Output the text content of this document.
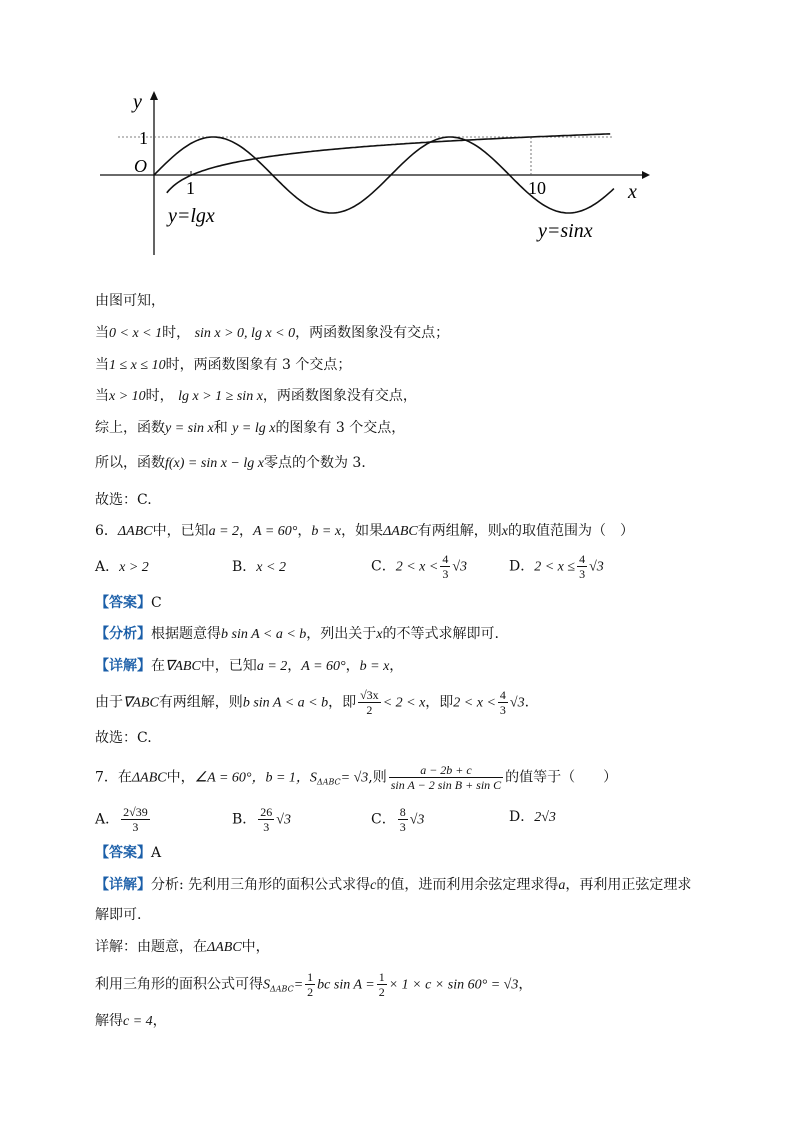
y
x
O
1
1	10
y=lgx
y=sinx
由图可知，
当0 < x < 1时， sin x > 0, lg x < 0，两函数图象没有交点；
当1 ≤ x ≤ 10时，两函数图象有 3 个交点；
当x > 10时， lg x > 1 ≥ sin x，两函数图象没有交点，
综上，函数y = sin x和 y = lg x的图象有 3 个交点，
所以，函数f(x) = sin x − lg x零点的个数为 3．
故选：C.
6．ΔABC中，已知a = 2，A = 60°，b = x，如果ΔABC有两组解，则x的取值范围为（　）
A．x > 2	B．x < 2	C．$2 < x < \frac{4}{3} √3$	D．$2 < x \le \frac{4}{3} √3$
【答案】C
【分析】根据题意得b sin A < a < b，列出关于x的不等式求解即可.
【详解】在∇ABC中，已知a = 2，A = 60°，b = x，
由于∇ABC有两组解，则b sin A < a < b，即 $\frac{√3x}{2} < 2 < x$，即$2 < x < \frac{4}{3} √3$.
故选：C.
7．在ΔABC中，∠A = 60°，b = 1，$S_{\Delta ABC}= √3$,则 $\frac{a - 2b + c}{\text{sin A − 2 sin B + sin C}}$ 的值等于（　　）
A． $\frac{2√39}{3}$	B． $\frac{26}{3} √3$	C． $\frac{8}{3} √3$	D．2√3
【答案】A
【详解】分析: 先利用三角形的面积公式求得c的值，进而利用余弦定理求得a，再利用正弦定理求
解即可.
详解：由题意，在ΔABC中，
利用三角形的面积公式可得$S_{\Delta ABC}= \frac{1}{2}$ bc $\sin A = \frac{1}{2} \times 1 \times c \times \sin 60^\circ = √3$，
解得c = 4，
